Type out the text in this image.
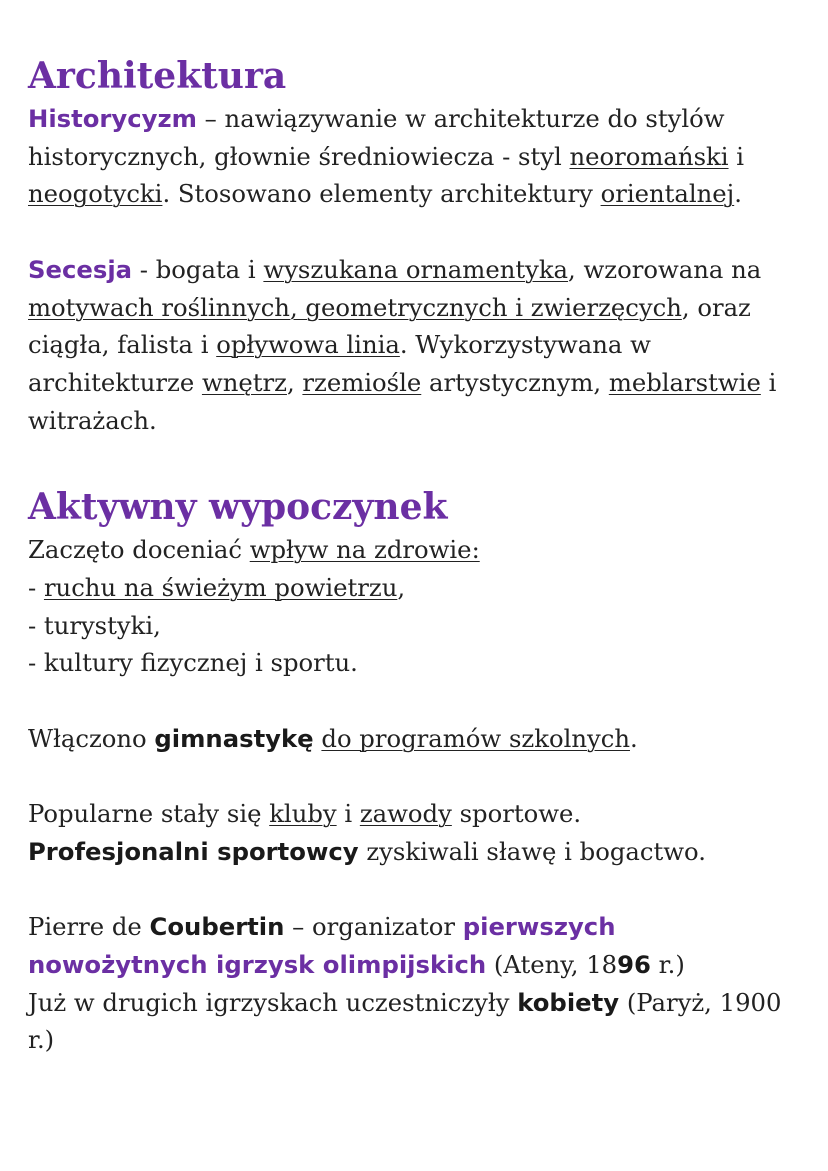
Architektura

Historycyzm – nawiązywanie w architekturze do stylów historycznych, głownie średniowiecza - styl neoromański i neogotycki. Stosowano elementy architektury orientalnej.

Secesja - bogata i wyszukana ornamentyka, wzorowana na motywach roślinnych, geometrycznych i zwierzęcych, oraz ciągła, falista i opływowa linia. Wykorzystywana w architekturze wnętrz, rzemiośle artystycznym, meblarstwie i witrażach.

Aktywny wypoczynek

Zaczęto doceniać wpływ na zdrowie:

- ruchu na świeżym powietrzu,

- turystyki,

- kultury fizycznej i sportu.

Włączono gimnastykę do programów szkolnych.

Popularne stały się kluby i zawody sportowe.

Profesjonalni sportowcy zyskiwali sławę i bogactwo.

Pierre de Coubertin – organizator pierwszych nowożytnych igrzysk olimpijskich (Ateny, 1896 r.)

Już w drugich igrzyskach uczestniczyły kobiety (Paryż, 1900 r.)
